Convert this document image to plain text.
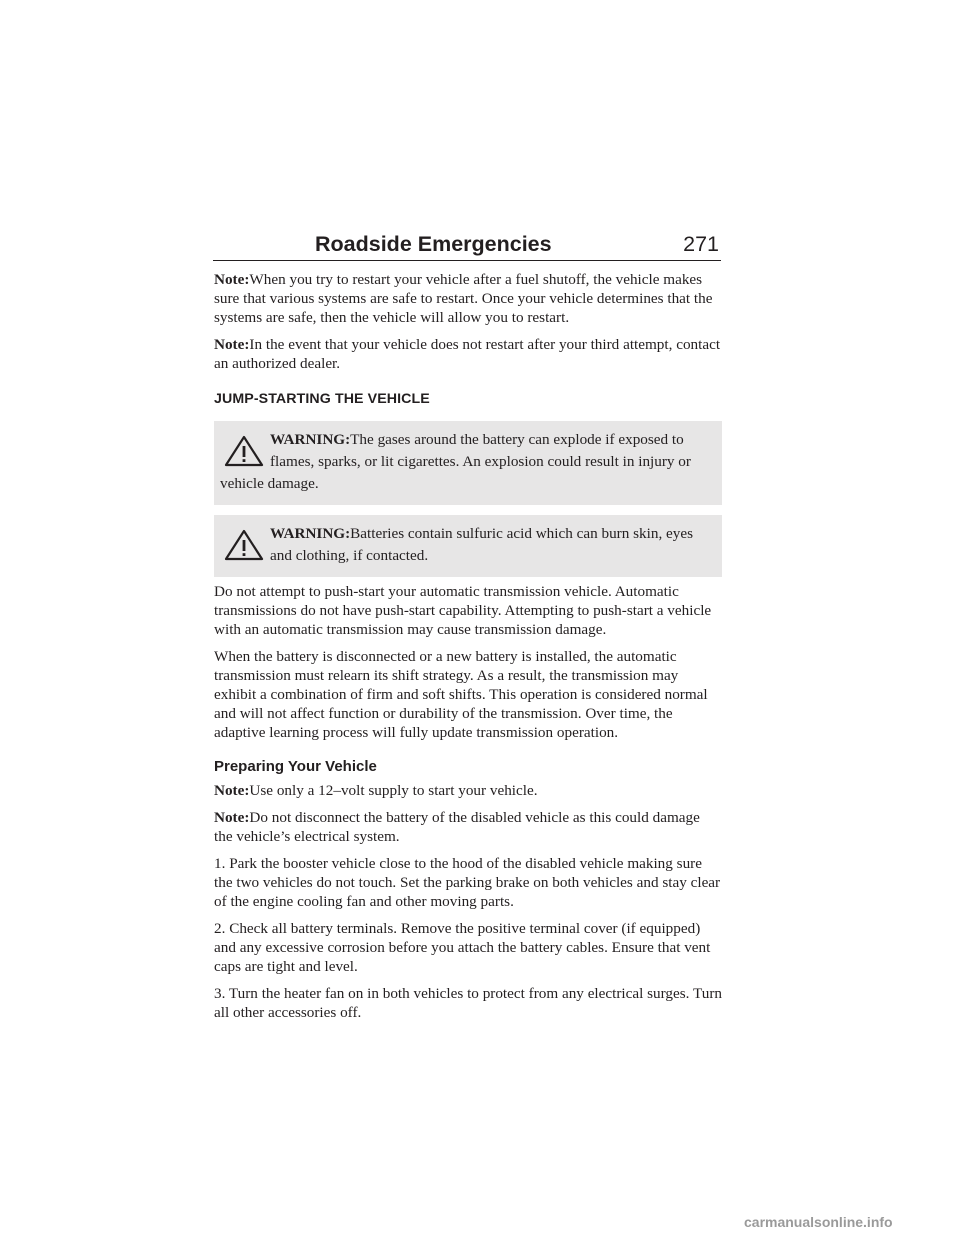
Roadside Emergencies	271

Note:When you try to restart your vehicle after a fuel shutoff, the vehicle makes sure that various systems are safe to restart. Once your vehicle determines that the systems are safe, then the vehicle will allow you to restart.

Note:In the event that your vehicle does not restart after your third attempt, contact an authorized dealer.

JUMP-STARTING THE VEHICLE
WARNING:The gases around the battery can explode if exposed to flames, sparks, or lit cigarettes. An explosion could result in injury or vehicle damage.
WARNING:Batteries contain sulfuric acid which can burn skin, eyes and clothing, if contacted.

Do not attempt to push-start your automatic transmission vehicle. Automatic transmissions do not have push-start capability. Attempting to push-start a vehicle with an automatic transmission may cause transmission damage.

When the battery is disconnected or a new battery is installed, the automatic transmission must relearn its shift strategy. As a result, the transmission may exhibit a combination of firm and soft shifts. This operation is considered normal and will not affect function or durability of the transmission. Over time, the adaptive learning process will fully update transmission operation.

Preparing Your Vehicle

Note:Use only a 12–volt supply to start your vehicle.

Note:Do not disconnect the battery of the disabled vehicle as this could damage the vehicle’s electrical system.

1. Park the booster vehicle close to the hood of the disabled vehicle making sure the two vehicles do not touch. Set the parking brake on both vehicles and stay clear of the engine cooling fan and other moving parts.

2. Check all battery terminals. Remove the positive terminal cover (if equipped) and any excessive corrosion before you attach the battery cables. Ensure that vent caps are tight and level.

3. Turn the heater fan on in both vehicles to protect from any electrical surges. Turn all other accessories off.

carmanualsonline.info
